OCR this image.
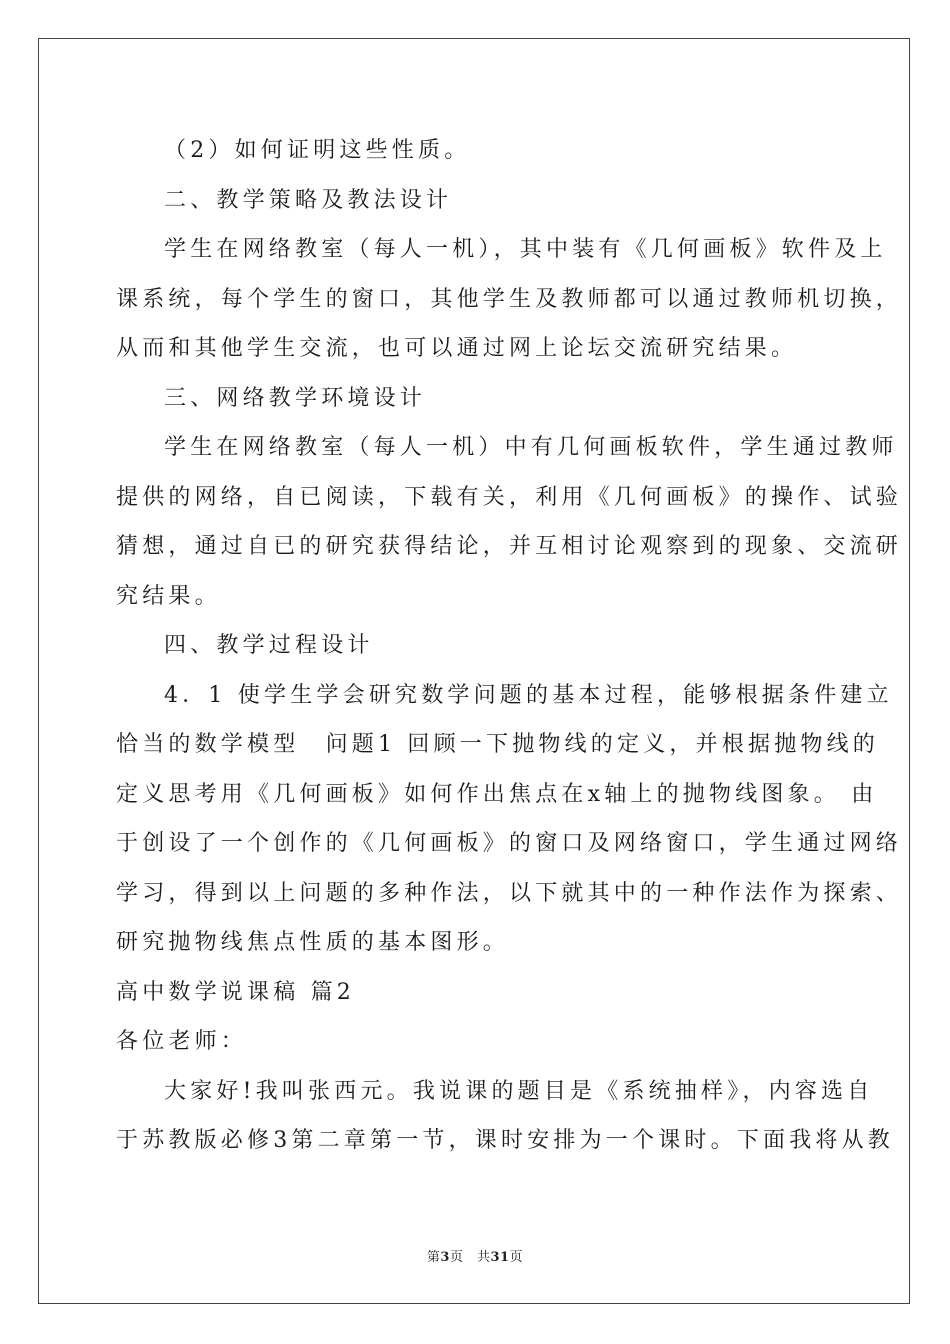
（2）如何证明这些性质。
二、教学策略及教法设计
学生在网络教室（每人一机），其中装有《几何画板》软件及上
课系统，每个学生的窗口，其他学生及教师都可以通过教师机切换，
从而和其他学生交流，也可以通过网上论坛交流研究结果。
三、网络教学环境设计
学生在网络教室（每人一机）中有几何画板软件，学生通过教师
提供的网络，自已阅读，下载有关，利用《几何画板》的操作、试验
猜想，通过自已的研究获得结论，并互相讨论观察到的现象、交流研
究结果。
四、教学过程设计
4．1 使学生学会研究数学问题的基本过程，能够根据条件建立
恰当的数学模型　问题1 回顾一下抛物线的定义，并根据抛物线的
定义思考用《几何画板》如何作出焦点在x轴上的抛物线图象。 由
于创设了一个创作的《几何画板》的窗口及网络窗口，学生通过网络
学习，得到以上问题的多种作法，以下就其中的一种作法作为探索、
研究抛物线焦点性质的基本图形。
高中数学说课稿 篇2
各位老师：
大家好!我叫张西元。我说课的题目是《系统抽样》，内容选自
于苏教版必修3第二章第一节，课时安排为一个课时。下面我将从教
第3页　共31页
